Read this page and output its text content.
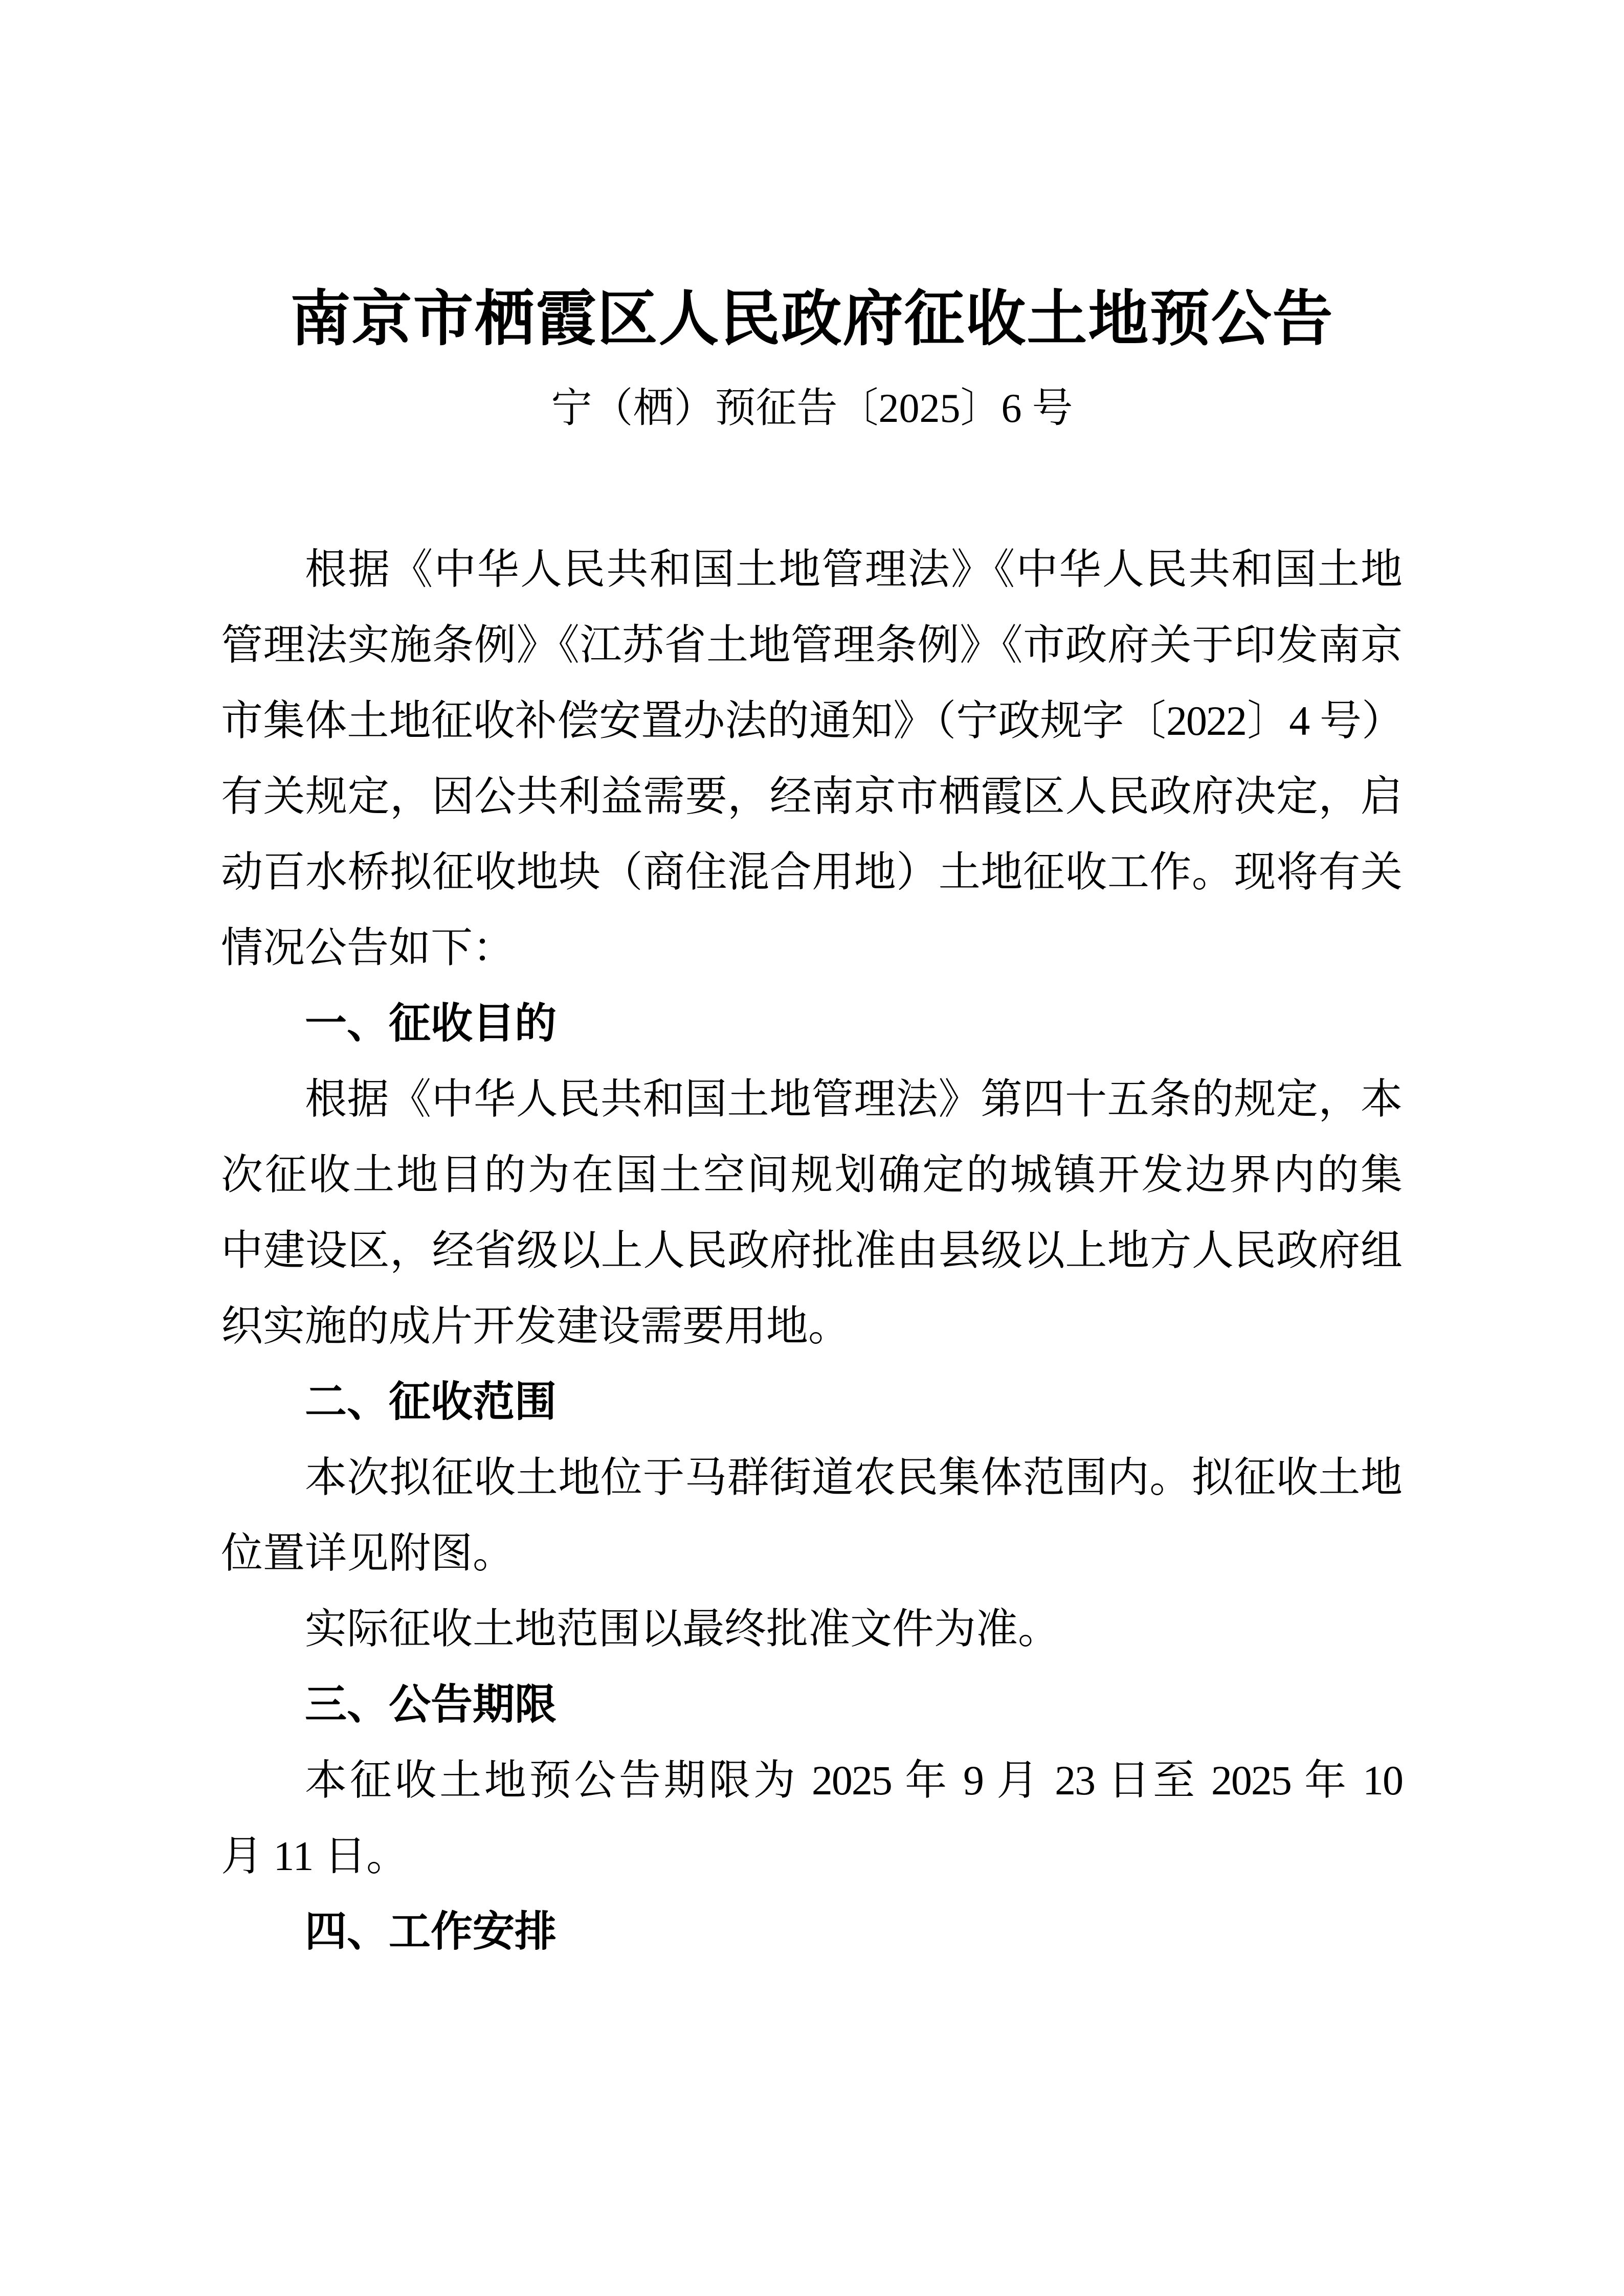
南京市栖霞区人民政府征收土地预公告
宁（栖）预征告〔2025〕6 号
根据《中华人民共和国土地管理法》《中华人民共和国土地
管理法实施条例》《江苏省土地管理条例》《市政府关于印发南京
市集体土地征收补偿安置办法的通知》（宁政规字〔2022〕4 号）
有关规定，因公共利益需要，经南京市栖霞区人民政府决定，启
动百水桥拟征收地块（商住混合用地）土地征收工作。现将有关
情况公告如下：
一、征收目的
根据《中华人民共和国土地管理法》第四十五条的规定，本
次征收土地目的为在国土空间规划确定的城镇开发边界内的集
中建设区，经省级以上人民政府批准由县级以上地方人民政府组
织实施的成片开发建设需要用地。
二、征收范围
本次拟征收土地位于马群街道农民集体范围内。拟征收土地
位置详见附图。
实际征收土地范围以最终批准文件为准。
三、公告期限
本征收土地预公告期限为 2025 年 9 月 23 日至 2025 年 10
月 11 日。
四、工作安排
